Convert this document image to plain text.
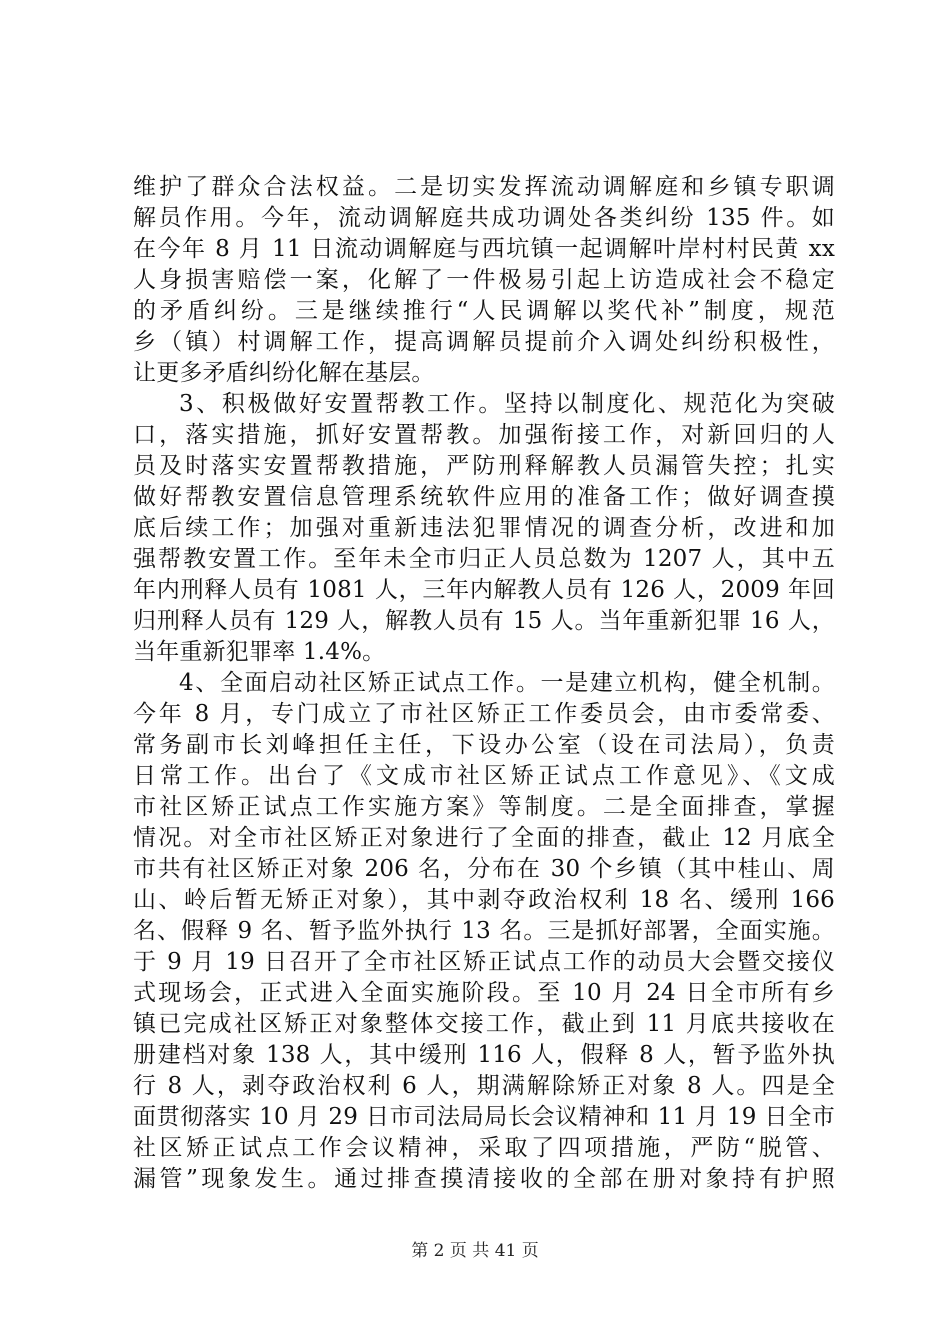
维护了群众合法权益。二是切实发挥流动调解庭和乡镇专职调
解员作用。今年，流动调解庭共成功调处各类纠纷 135 件。如
在今年 8 月 11 日流动调解庭与西坑镇一起调解叶岸村村民黄 xx
人身损害赔偿一案，化解了一件极易引起上访造成社会不稳定
的矛盾纠纷。三是继续推行“人民调解以奖代补”制度，规范
乡（镇）村调解工作，提高调解员提前介入调处纠纷积极性，
让更多矛盾纠纷化解在基层。
3、积极做好安置帮教工作。坚持以制度化、规范化为突破
口，落实措施，抓好安置帮教。加强衔接工作，对新回归的人
员及时落实安置帮教措施，严防刑释解教人员漏管失控；扎实
做好帮教安置信息管理系统软件应用的准备工作；做好调查摸
底后续工作；加强对重新违法犯罪情况的调查分析，改进和加
强帮教安置工作。至年未全市归正人员总数为 1207 人，其中五
年内刑释人员有 1081 人，三年内解教人员有 126 人，2009 年回
归刑释人员有 129 人，解教人员有 15 人。当年重新犯罪 16 人，
当年重新犯罪率 1.4%。
4、全面启动社区矫正试点工作。一是建立机构，健全机制。
今年 8 月，专门成立了市社区矫正工作委员会，由市委常委、
常务副市长刘峰担任主任，下设办公室（设在司法局），负责
日常工作。出台了《文成市社区矫正试点工作意见》、《文成
市社区矫正试点工作实施方案》等制度。二是全面排查，掌握
情况。对全市社区矫正对象进行了全面的排查，截止 12 月底全
市共有社区矫正对象 206 名，分布在 30 个乡镇（其中桂山、周
山、岭后暂无矫正对象），其中剥夺政治权利 18 名、缓刑 166
名、假释 9 名、暂予监外执行 13 名。三是抓好部署，全面实施。
于 9 月 19 日召开了全市社区矫正试点工作的动员大会暨交接仪
式现场会，正式进入全面实施阶段。至 10 月 24 日全市所有乡
镇已完成社区矫正对象整体交接工作，截止到 11 月底共接收在
册建档对象 138 人，其中缓刑 116 人，假释 8 人，暂予监外执
行 8 人，剥夺政治权利 6 人，期满解除矫正对象 8 人。四是全
面贯彻落实 10 月 29 日市司法局局长会议精神和 11 月 19 日全市
社区矫正试点工作会议精神，采取了四项措施，严防“脱管、
漏管”现象发生。通过排查摸清接收的全部在册对象持有护照
第 2 页 共 41 页
